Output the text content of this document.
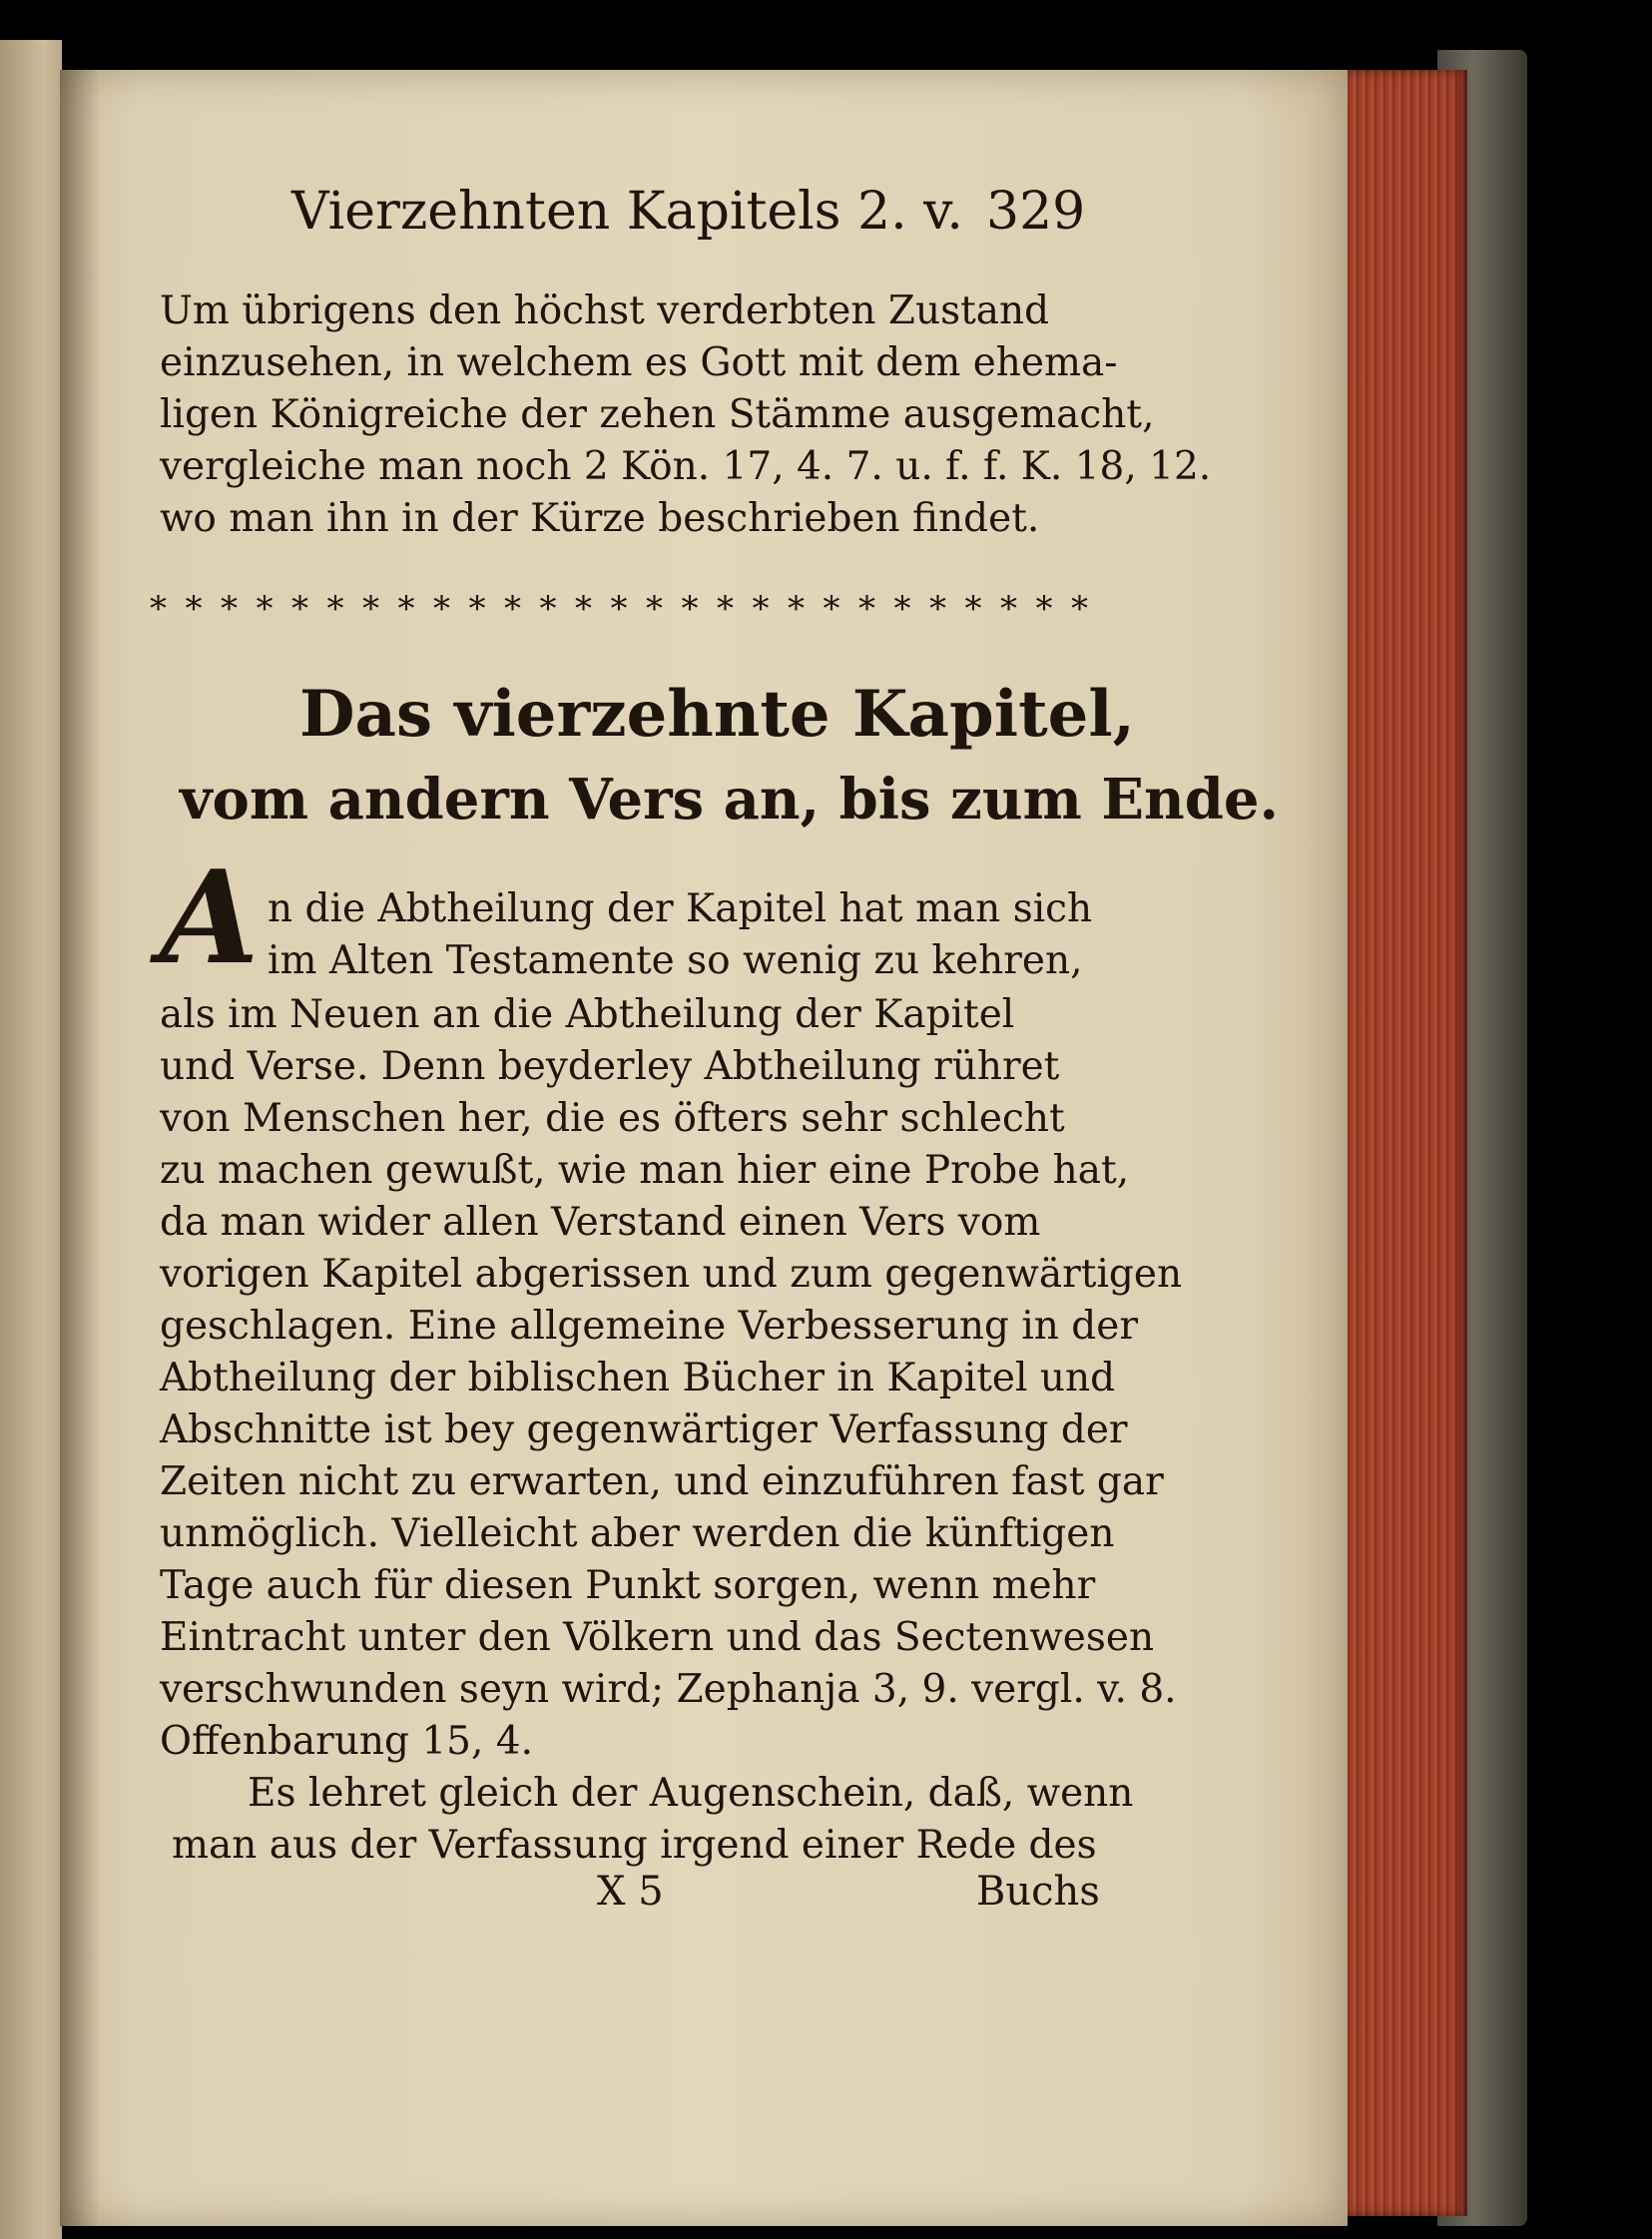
Vierzehnten Kapitels 2. v. 329
Um übrigens den höchst verderbten Zustand
einzusehen, in welchem es Gott mit dem ehema-
ligen Königreiche der zehen Stämme ausgemacht,
vergleiche man noch 2 Kön. 17, 4. 7. u. f. f. K. 18, 12.
wo man ihn in der Kürze beschrieben findet.
* * * * * * * * * * * * * * * * * * * * * * * * * * *
Das vierzehnte Kapitel,
vom andern Vers an, bis zum Ende.
A n die Abtheilung der Kapitel hat man sich
im Alten Testamente so wenig zu kehren,
als im Neuen an die Abtheilung der Kapitel
und Verse. Denn beyderley Abtheilung rühret
von Menschen her, die es öfters sehr schlecht
zu machen gewußt, wie man hier eine Probe hat,
da man wider allen Verstand einen Vers vom
vorigen Kapitel abgerissen und zum gegenwärtigen
geschlagen. Eine allgemeine Verbesserung in der
Abtheilung der biblischen Bücher in Kapitel und
Abschnitte ist bey gegenwärtiger Verfassung der
Zeiten nicht zu erwarten, und einzuführen fast gar
unmöglich. Vielleicht aber werden die künftigen
Tage auch für diesen Punkt sorgen, wenn mehr
Eintracht unter den Völkern und das Sectenwesen
verschwunden seyn wird; Zephanja 3, 9. vergl. v. 8.
Offenbarung 15, 4.
Es lehret gleich der Augenschein, daß, wenn
man aus der Verfassung irgend einer Rede des
X 5	Buchs
